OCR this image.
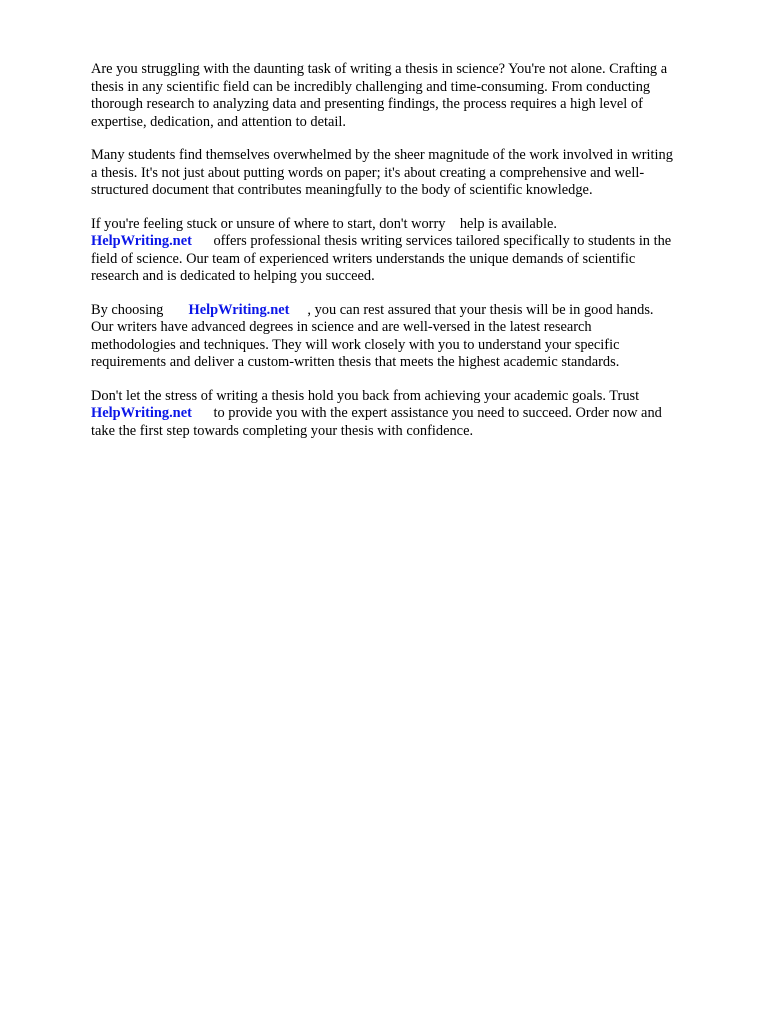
Are you struggling with the daunting task of writing a thesis in science? You're not alone. Crafting a
thesis in any scientific field can be incredibly challenging and time-consuming. From conducting
thorough research to analyzing data and presenting findings, the process requires a high level of
expertise, dedication, and attention to detail.
Many students find themselves overwhelmed by the sheer magnitude of the work involved in writing
a thesis. It's not just about putting words on paper; it's about creating a comprehensive and well-
structured document that contributes meaningfully to the body of scientific knowledge.
If you're feeling stuck or unsure of where to start, don't worry    help is available.
HelpWriting.net      offers professional thesis writing services tailored specifically to students in the
field of science. Our team of experienced writers understands the unique demands of scientific
research and is dedicated to helping you succeed.
By choosing       HelpWriting.net     , you can rest assured that your thesis will be in good hands.
Our writers have advanced degrees in science and are well-versed in the latest research
methodologies and techniques. They will work closely with you to understand your specific
requirements and deliver a custom-written thesis that meets the highest academic standards.
Don't let the stress of writing a thesis hold you back from achieving your academic goals. Trust
HelpWriting.net      to provide you with the expert assistance you need to succeed. Order now and
take the first step towards completing your thesis with confidence.
